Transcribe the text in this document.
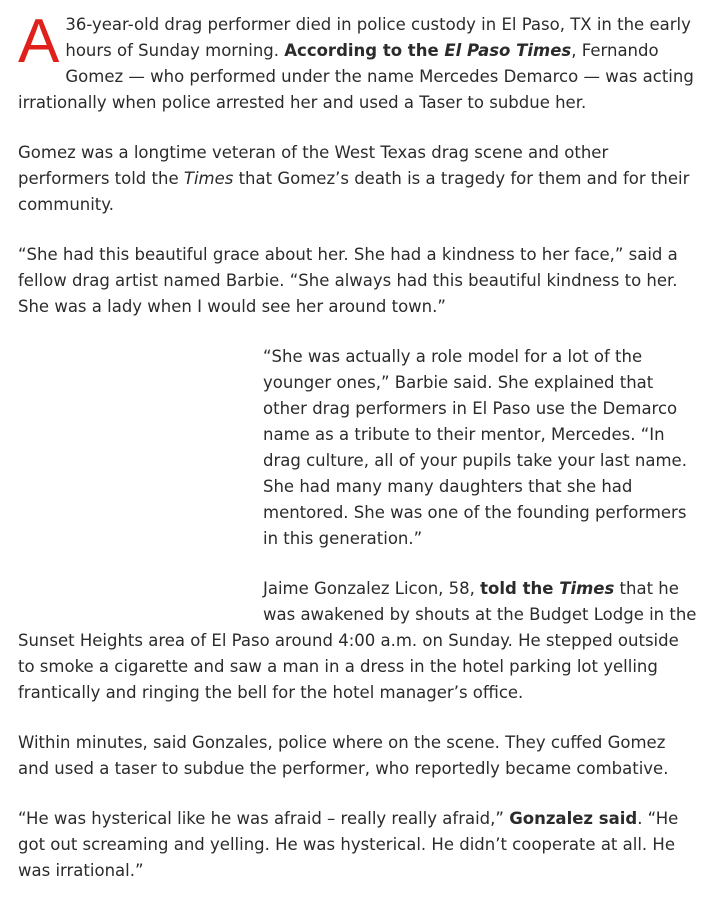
A 36-year-old drag performer died in police custody in El Paso, TX in the early hours of Sunday morning. According to the El Paso Times, Fernando Gomez — who performed under the name Mercedes Demarco — was acting irrationally when police arrested her and used a Taser to subdue her.

Gomez was a longtime veteran of the West Texas drag scene and other performers told the Times that Gomez’s death is a tragedy for them and for their community.

“She had this beautiful grace about her. She had a kindness to her face,” said a fellow drag artist named Barbie. “She always had this beautiful kindness to her. She was a lady when I would see her around town.”

“She was actually a role model for a lot of the younger ones,” Barbie said. She explained that other drag performers in El Paso use the Demarco name as a tribute to their mentor, Mercedes. “In drag culture, all of your pupils take your last name. She had many many daughters that she had mentored. She was one of the founding performers in this generation.”

Jaime Gonzalez Licon, 58, told the Times that he was awakened by shouts at the Budget Lodge in the Sunset Heights area of El Paso around 4:00 a.m. on Sunday. He stepped outside to smoke a cigarette and saw a man in a dress in the hotel parking lot yelling frantically and ringing the bell for the hotel manager’s office.

Within minutes, said Gonzales, police where on the scene. They cuffed Gomez and used a taser to subdue the performer, who reportedly became combative.

“He was hysterical like he was afraid – really really afraid,” Gonzalez said. “He got out screaming and yelling. He was hysterical. He didn’t cooperate at all. He was irrational.”
